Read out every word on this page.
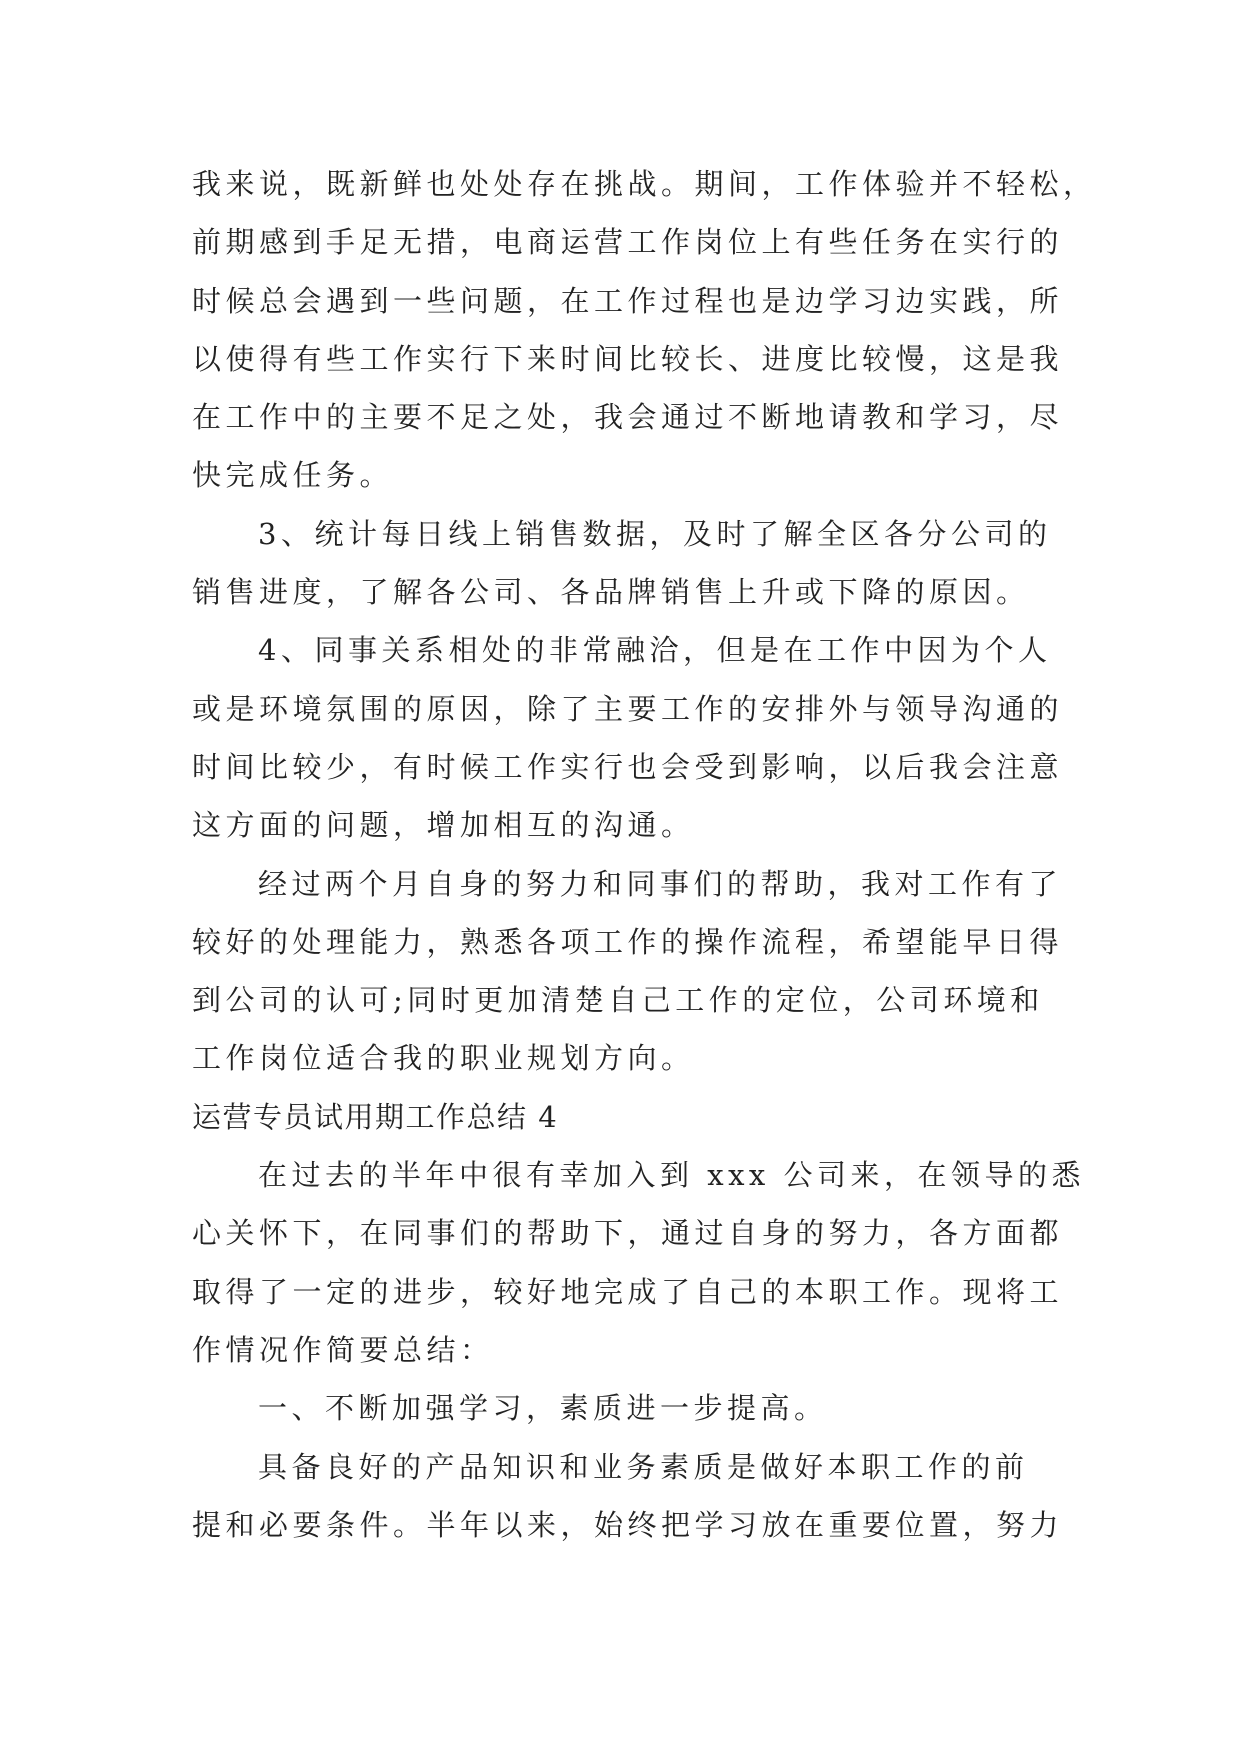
我来说，既新鲜也处处存在挑战。期间，工作体验并不轻松，
前期感到手足无措，电商运营工作岗位上有些任务在实行的
时候总会遇到一些问题，在工作过程也是边学习边实践，所
以使得有些工作实行下来时间比较长、进度比较慢，这是我
在工作中的主要不足之处，我会通过不断地请教和学习，尽
快完成任务。
3、统计每日线上销售数据，及时了解全区各分公司的
销售进度，了解各公司、各品牌销售上升或下降的原因。
4、同事关系相处的非常融洽，但是在工作中因为个人
或是环境氛围的原因，除了主要工作的安排外与领导沟通的
时间比较少，有时候工作实行也会受到影响，以后我会注意
这方面的问题，增加相互的沟通。
经过两个月自身的努力和同事们的帮助，我对工作有了
较好的处理能力，熟悉各项工作的操作流程，希望能早日得
到公司的认可;同时更加清楚自己工作的定位，公司环境和
工作岗位适合我的职业规划方向。
运营专员试用期工作总结 4
在过去的半年中很有幸加入到 xxx 公司来，在领导的悉
心关怀下，在同事们的帮助下，通过自身的努力，各方面都
取得了一定的进步，较好地完成了自己的本职工作。现将工
作情况作简要总结：
一、不断加强学习，素质进一步提高。
具备良好的产品知识和业务素质是做好本职工作的前
提和必要条件。半年以来，始终把学习放在重要位置，努力
